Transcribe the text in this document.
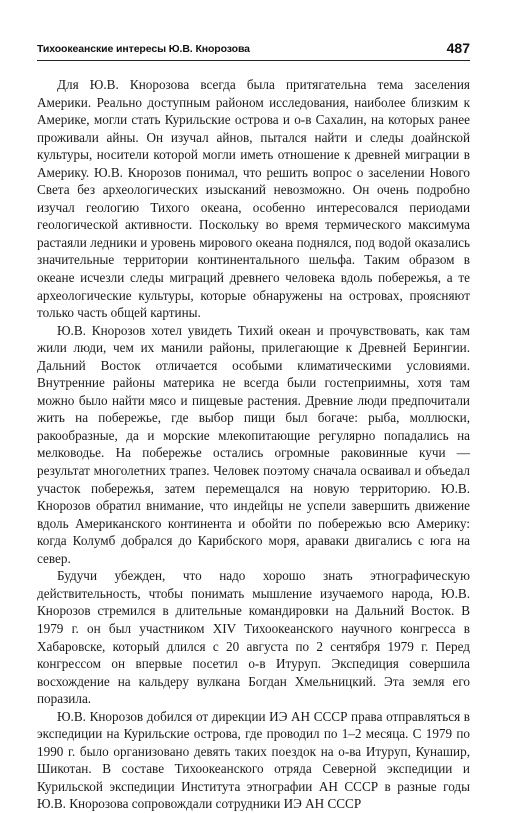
Тихоокеанские интересы Ю.В. Кнорозова	487

Для Ю.В. Кнорозова всегда была притягательна тема заселения Америки. Реально доступным районом исследования, наиболее близким к Америке, могли стать Курильские острова и о-в Сахалин, на которых ранее проживали айны. Он изучал айнов, пытался найти и следы доайнской культуры, носители которой могли иметь отношение к древней миграции в Америку. Ю.В. Кнорозов понимал, что решить вопрос о заселении Нового Света без археологических изысканий невозможно. Он очень подробно изучал геологию Тихого океана, особенно интересовался периодами геологической активности. Поскольку во время термического максимума растаяли ледники и уровень мирового океана поднялся, под водой оказались значительные территории континентального шельфа. Таким образом в океане исчезли следы миграций древнего человека вдоль побережья, а те археологические культуры, которые обнаружены на островах, проясняют только часть общей картины.

Ю.В. Кнорозов хотел увидеть Тихий океан и прочувствовать, как там жили люди, чем их манили районы, прилегающие к Древней Берингии. Дальний Восток отличается особыми климатическими условиями. Внутренние районы материка не всегда были гостеприимны, хотя там можно было найти мясо и пищевые растения. Древние люди предпочитали жить на побережье, где выбор пищи был богаче: рыба, моллюски, ракообразные, да и морские млекопитающие регулярно попадались на мелководье. На побережье остались огромные раковинные кучи — результат многолетних трапез. Человек поэтому сначала осваивал и объедал участок побережья, затем перемещался на новую территорию. Ю.В. Кнорозов обратил внимание, что индейцы не успели завершить движение вдоль Американского континента и обойти по побережью всю Америку: когда Колумб добрался до Карибского моря, араваки двигались с юга на север.

Будучи убежден, что надо хорошо знать этнографическую действительность, чтобы понимать мышление изучаемого народа, Ю.В. Кнорозов стремился в длительные командировки на Дальний Восток. В 1979 г. он был участником XIV Тихоокеанского научного конгресса в Хабаровске, который длился с 20 августа по 2 сентября 1979 г. Перед конгрессом он впервые посетил о-в Итуруп. Экспедиция совершила восхождение на кальдеру вулкана Богдан Хмельницкий. Эта земля его поразила.

Ю.В. Кнорозов добился от дирекции ИЭ АН СССР права отправляться в экспедиции на Курильские острова, где проводил по 1–2 месяца. С 1979 по 1990 г. было организовано девять таких поездок на о-ва Итуруп, Кунашир, Шикотан. В составе Тихоокеанского отряда Северной экспедиции и Курильской экспедиции Института этнографии АН СССР в разные годы Ю.В. Кнорозова сопровождали сотрудники ИЭ АН СССР
